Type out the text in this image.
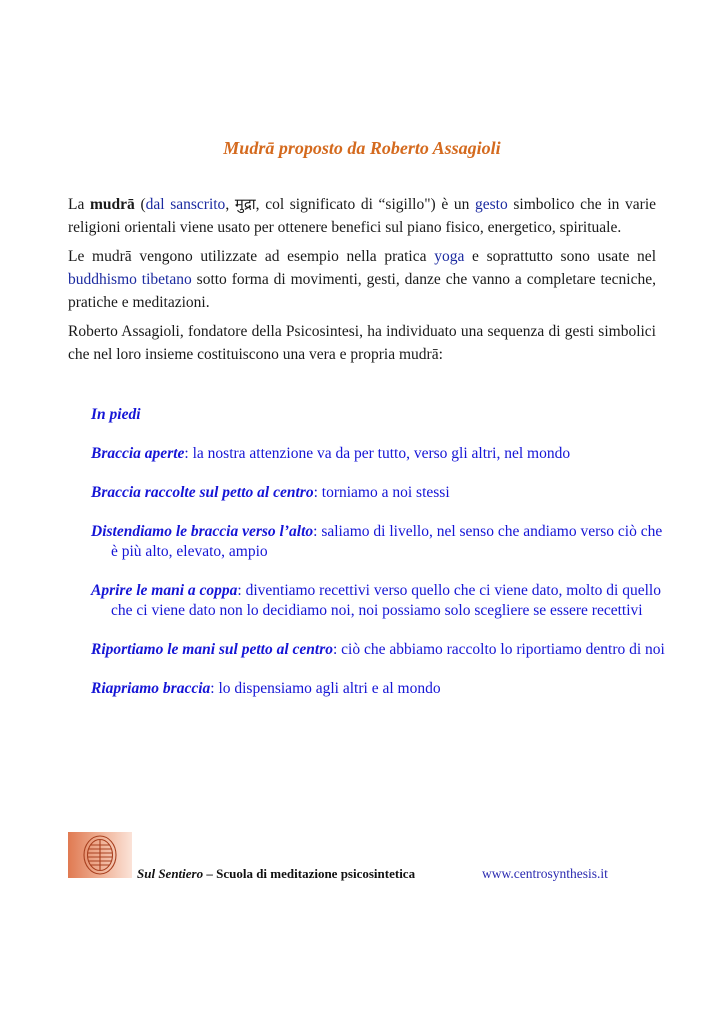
Mudrā proposto da Roberto Assagioli

La mudrā (dal sanscrito, मुद्रा, col significato di “sigillo") è un gesto simbolico che in varie religioni orientali viene usato per ottenere benefici sul piano fisico, energetico, spirituale.

Le mudrā vengono utilizzate ad esempio nella pratica yoga e soprattutto sono usate nel buddhismo tibetano sotto forma di movimenti, gesti, danze che vanno a completare tecniche, pratiche e meditazioni.

Roberto Assagioli, fondatore della Psicosintesi, ha individuato una sequenza di gesti simbolici che nel loro insieme costituiscono una vera e propria mudrā:

In piedi
Braccia aperte: la nostra attenzione va da per tutto, verso gli altri, nel mondo
Braccia raccolte sul petto al centro: torniamo a noi stessi
Distendiamo le braccia verso l’alto: saliamo di livello, nel senso che andiamo verso ciò che è più alto, elevato, ampio
Aprire le mani a coppa: diventiamo recettivi verso quello che ci viene dato, molto di quello che ci viene dato non lo decidiamo noi, noi possiamo solo scegliere se essere recettivi
Riportiamo le mani sul petto al centro: ciò che abbiamo raccolto lo riportiamo dentro di noi
Riapriamo braccia: lo dispensiamo agli altri e al mondo
Sul Sentiero – Scuola di meditazione psicosintetica	www.centrosynthesis.it
